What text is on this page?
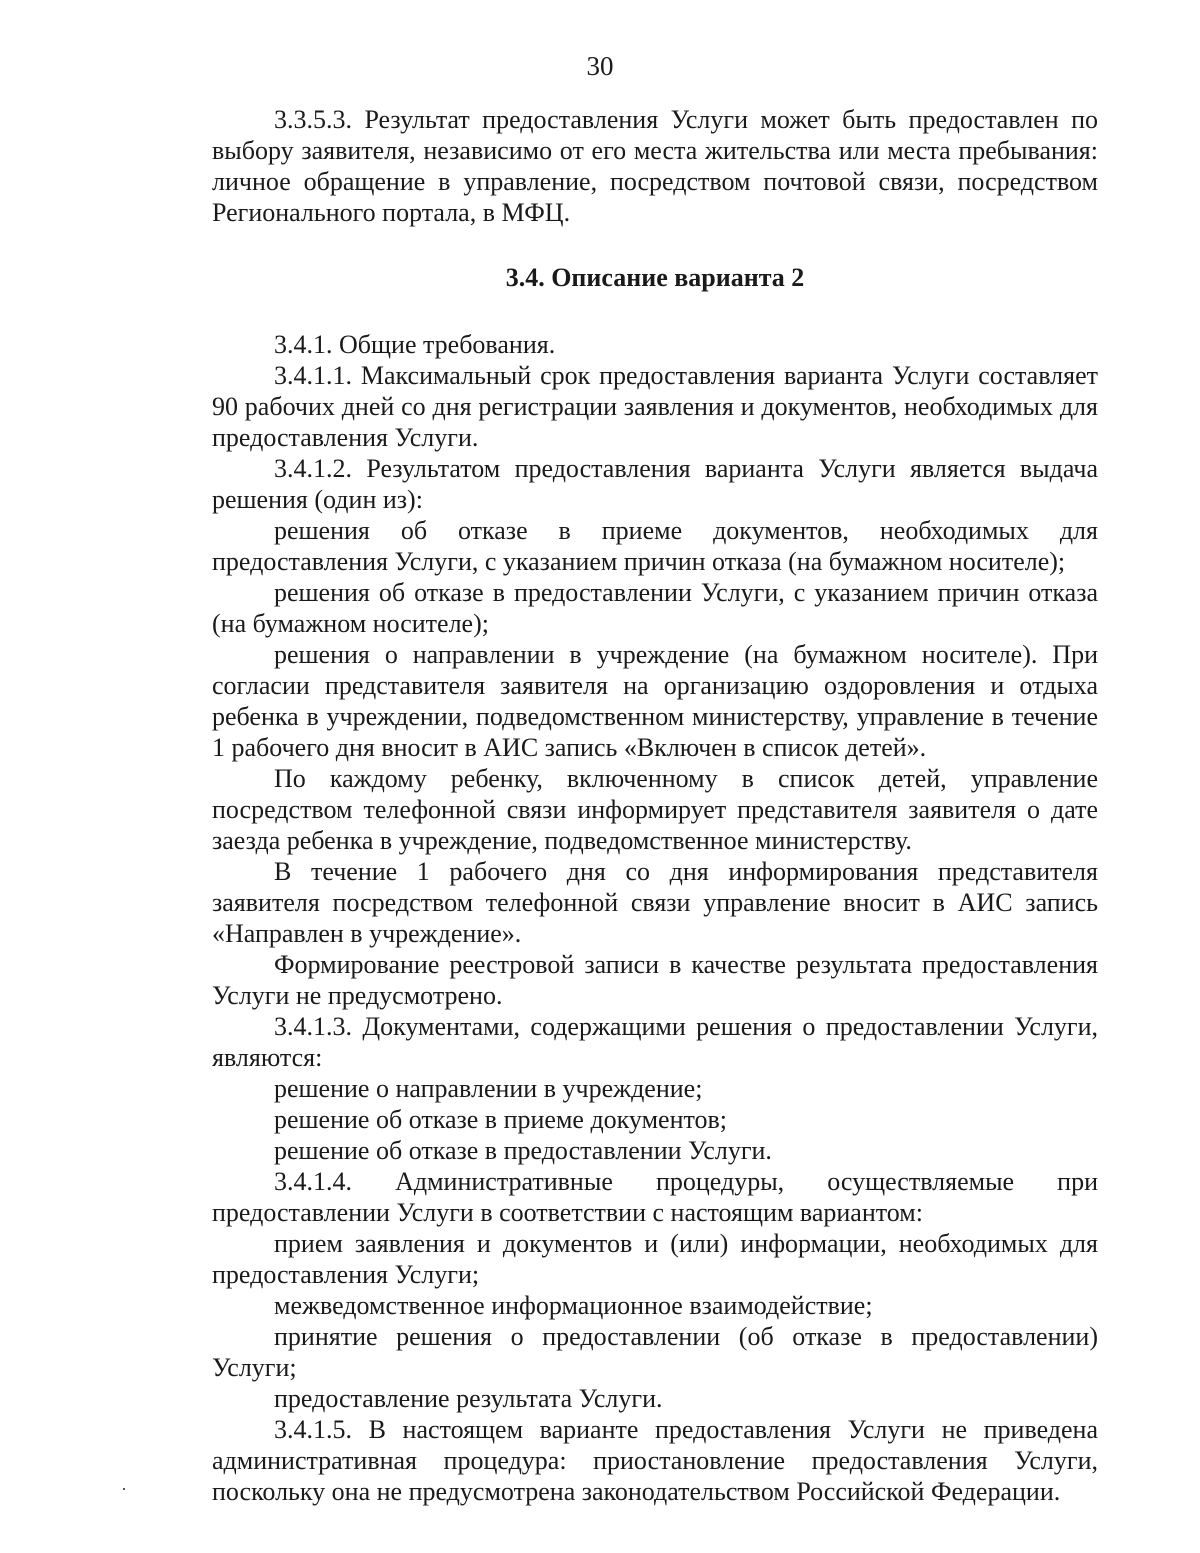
30

3.3.5.3. Результат предоставления Услуги может быть предоставлен по выбору заявителя, независимо от его места жительства или места пребывания: личное обращение в управление, посредством почтовой связи, посредством Регионального портала, в МФЦ.

3.4. Описание варианта 2

3.4.1. Общие требования.

3.4.1.1. Максимальный срок предоставления варианта Услуги составляет 90 рабочих дней со дня регистрации заявления и документов, необходимых для предоставления Услуги.

3.4.1.2. Результатом предоставления варианта Услуги является выдача решения (один из):

решения об отказе в приеме документов, необходимых для предоставления Услуги, с указанием причин отказа (на бумажном носителе);

решения об отказе в предоставлении Услуги, с указанием причин отказа (на бумажном носителе);

решения о направлении в учреждение (на бумажном носителе). При согласии представителя заявителя на организацию оздоровления и отдыха ребенка в учреждении, подведомственном министерству, управление в течение 1 рабочего дня вносит в АИС запись «Включен в список детей».

По каждому ребенку, включенному в список детей, управление посредством телефонной связи информирует представителя заявителя о дате заезда ребенка в учреждение, подведомственное министерству.

В течение 1 рабочего дня со дня информирования представителя заявителя посредством телефонной связи управление вносит в АИС запись «Направлен в учреждение».

Формирование реестровой записи в качестве результата предоставления Услуги не предусмотрено.

3.4.1.3. Документами, содержащими решения о предоставлении Услуги, являются:

решение о направлении в учреждение;

решение об отказе в приеме документов;

решение об отказе в предоставлении Услуги.

3.4.1.4. Административные процедуры, осуществляемые при предоставлении Услуги в соответствии с настоящим вариантом:

прием заявления и документов и (или) информации, необходимых для предоставления Услуги;

межведомственное информационное взаимодействие;

принятие решения о предоставлении (об отказе в предоставлении) Услуги;

предоставление результата Услуги.

3.4.1.5. В настоящем варианте предоставления Услуги не приведена административная процедура: приостановление предоставления Услуги, поскольку она не предусмотрена законодательством Российской Федерации.
